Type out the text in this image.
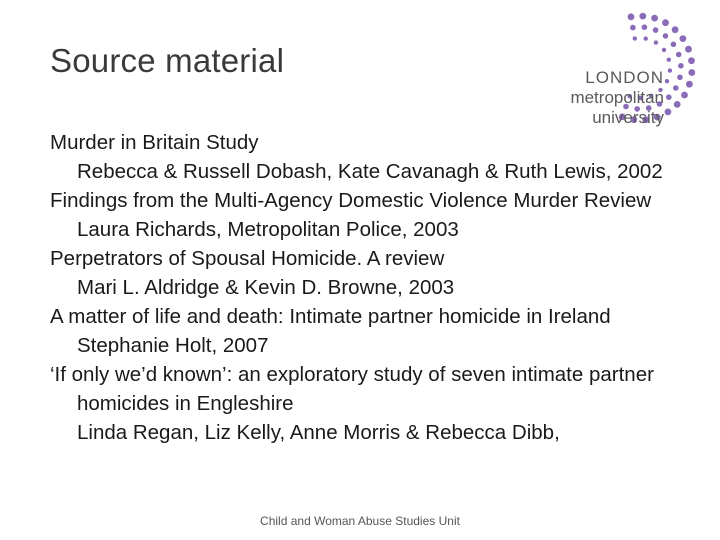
Source material	LONDON
metropolitan
university
Murder in Britain Study
Rebecca & Russell Dobash, Kate Cavanagh & Ruth Lewis, 2002
Findings from the Multi-Agency Domestic Violence Murder Review
Laura Richards, Metropolitan Police, 2003
Perpetrators of Spousal Homicide. A review
Mari L. Aldridge & Kevin D. Browne, 2003
A matter of life and death: Intimate partner homicide in Ireland
Stephanie Holt, 2007
‘If only we’d known’: an exploratory study of seven intimate partner homicides in Engleshire
Linda Regan, Liz Kelly, Anne Morris & Rebecca Dibb,
Child and Woman Abuse Studies Unit
